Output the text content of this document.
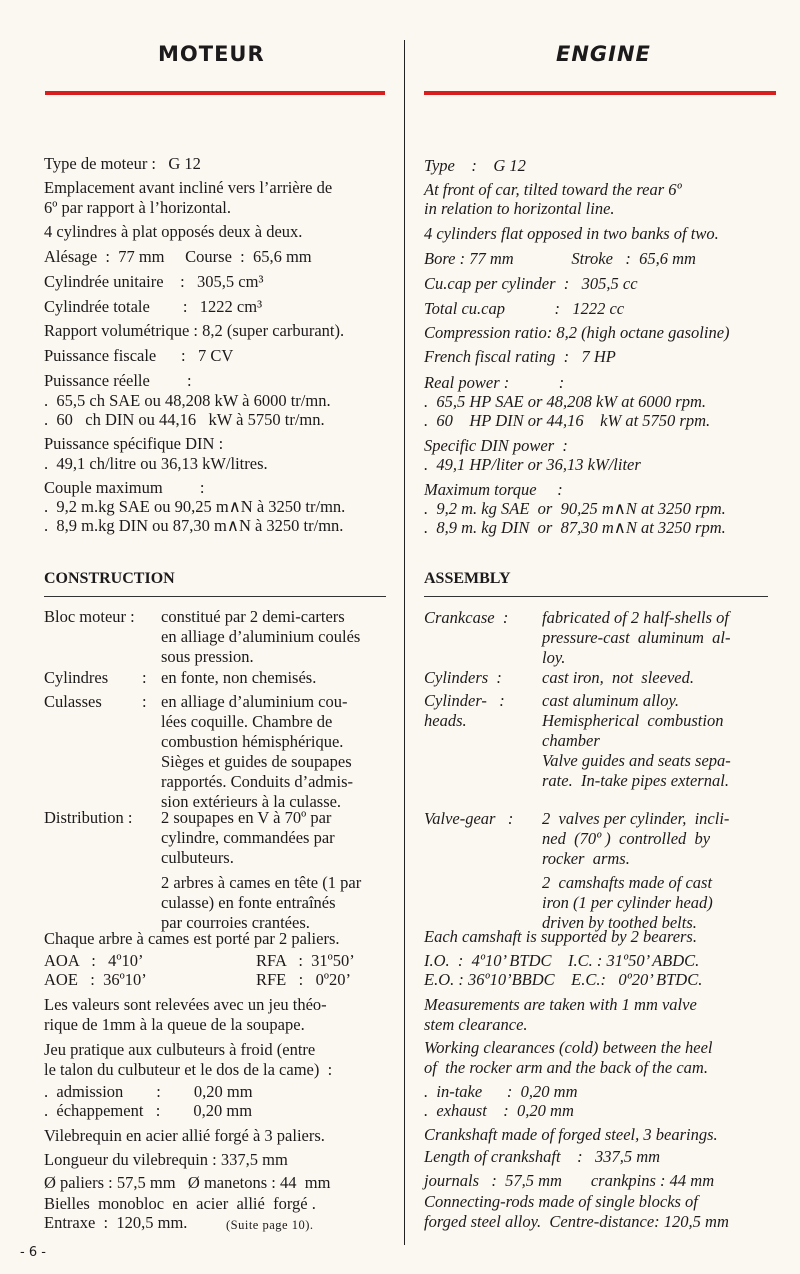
MOTEUR	ENGINE
Type de moteur :   G 12
Emplacement avant incliné vers l’arrière de
6º par rapport à l’horizontal.
4 cylindres à plat opposés deux à deux.
Alésage  :  77 mm     Course  :  65,6 mm
Cylindrée unitaire    :   305,5 cm³
Cylindrée totale        :   1222 cm³
Rapport volumétrique : 8,2 (super carburant).
Puissance fiscale      :   7 CV
Puissance réelle         :
.  65,5 ch SAE ou 48,208 kW à 6000 tr/mn.
.  60   ch DIN ou 44,16   kW à 5750 tr/mn.
Puissance spécifique DIN :
.  49,1 ch/litre ou 36,13 kW/litres.
Couple maximum         :
.  9,2 m.kg SAE ou 90,25 m∧N à 3250 tr/mn.
.  8,9 m.kg DIN ou 87,30 m∧N à 3250 tr/mn.
CONSTRUCTION
Bloc moteur : constitué par 2 demi-carters
en alliage d’aluminium coulés
sous pression.
Cylindres : en fonte, non chemisés.
Culasses : en alliage d’aluminium cou-
lées coquille. Chambre de
combustion hémisphérique.
Sièges et guides de soupapes
rapportés. Conduits d’admis-
sion extérieurs à la culasse.
Distribution : 2 soupapes en V à 70º par
cylindre, commandées par
culbuteurs.
2 arbres à cames en tête (1 par
culasse) en fonte entraînés
par courroies crantées.
Chaque arbre à cames est porté par 2 paliers.
AOA   :   4º10’	RFA   :  31º50’
AOE   :  36º10’	RFE   :   0º20’
Les valeurs sont relevées avec un jeu théo-
rique de 1mm à la queue de la soupape.
Jeu pratique aux culbuteurs à froid (entre
le talon du culbuteur et le dos de la came)  :
.  admission        :        0,20 mm
.  échappement   :        0,20 mm
Vilebrequin en acier allié forgé à 3 paliers.
Longueur du vilebrequin : 337,5 mm
Ø paliers : 57,5 mm   Ø manetons : 44  mm
Bielles  monobloc  en  acier  allié  forgé .
Entraxe  :  120,5 mm.	(Suite page 10).
Type    :    G 12
At front of car, tilted toward the rear 6º
in relation to horizontal line.
4 cylinders flat opposed in two banks of two.
Bore : 77 mm              Stroke   :  65,6 mm
Cu.cap per cylinder  :   305,5 cc
Total cu.cap            :   1222 cc
Compression ratio: 8,2 (high octane gasoline)
French fiscal rating  :   7 HP
Real power :            :
.  65,5 HP SAE or 48,208 kW at 6000 rpm.
.  60    HP DIN or 44,16    kW at 5750 rpm.
Specific DIN power  :
.  49,1 HP/liter or 36,13 kW/liter
Maximum torque     :
.  9,2 m. kg SAE  or  90,25 m∧N at 3250 rpm.
.  8,9 m. kg DIN  or  87,30 m∧N at 3250 rpm.
ASSEMBLY
Crankcase  : fabricated of 2 half-shells of
pressure-cast  aluminum  al-
loy.
Cylinders  : cast iron,  not  sleeved.
Cylinder-   :
heads.
cast aluminum alloy.
Hemispherical  combustion
chamber
Valve guides and seats sepa-
rate.  In-take pipes external.
Valve-gear   : 2  valves per cylinder,  incli-
ned  (70º )  controlled  by
rocker  arms.
2  camshafts made of cast
iron (1 per cylinder head)
driven by toothed belts.
Each camshaft is supported by 2 bearers.
I.O.  :  4º10’ BTDC    I.C. : 31º50’ ABDC.
E.O. : 36º10’BBDC    E.C.:   0º20’ BTDC.
Measurements are taken with 1 mm valve
stem clearance.
Working clearances (cold) between the heel
of  the rocker arm and the back of the cam.
.  in-take      :  0,20 mm
.  exhaust    :  0,20 mm
Crankshaft made of forged steel, 3 bearings.
Length of crankshaft    :   337,5 mm
journals   :  57,5 mm       crankpins : 44 mm
Connecting-rods made of single blocks of
forged steel alloy.  Centre-distance: 120,5 mm
- 6 -
